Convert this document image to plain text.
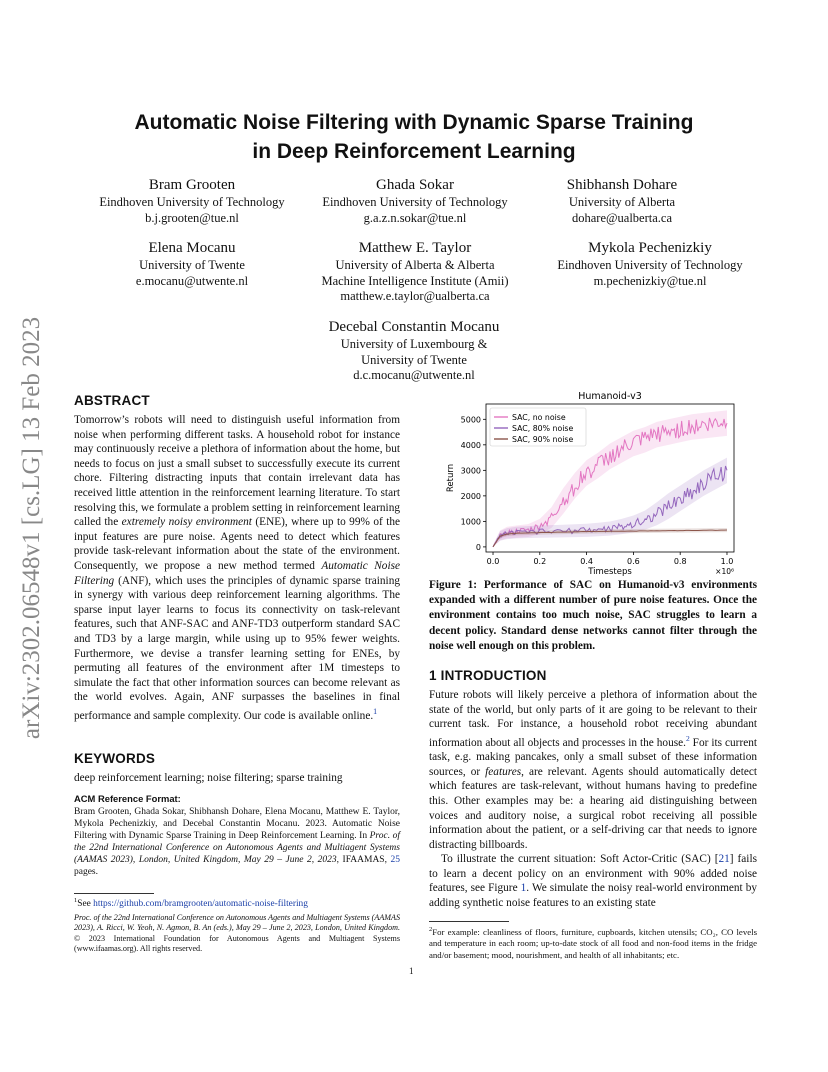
arXiv:2302.06548v1 [cs.LG] 13 Feb 2023
Automatic Noise Filtering with Dynamic Sparse Training
in Deep Reinforcement Learning
Bram Grooten
Eindhoven University of Technology
b.j.grooten@tue.nl
Ghada Sokar
Eindhoven University of Technology
g.a.z.n.sokar@tue.nl
Shibhansh Dohare
University of Alberta
dohare@ualberta.ca
Elena Mocanu
University of Twente
e.mocanu@utwente.nl
Matthew E. Taylor
University of Alberta & Alberta
Machine Intelligence Institute (Amii)
matthew.e.taylor@ualberta.ca
Mykola Pechenizkiy
Eindhoven University of Technology
m.pechenizkiy@tue.nl
Decebal Constantin Mocanu
University of Luxembourg &
University of Twente
d.c.mocanu@utwente.nl
ABSTRACT
Tomorrow’s robots will need to distinguish useful information from noise when performing different tasks. A household robot for instance may continuously receive a plethora of information about the home, but needs to focus on just a small subset to successfully execute its current chore. Filtering distracting inputs that contain irrelevant data has received little attention in the reinforcement learning literature. To start resolving this, we formulate a problem setting in reinforcement learning called the extremely noisy environment (ENE), where up to 99% of the input features are pure noise. Agents need to detect which features provide task-relevant information about the state of the environment. Consequently, we propose a new method termed Automatic Noise Filtering (ANF), which uses the principles of dynamic sparse training in synergy with various deep reinforcement learning algorithms. The sparse input layer learns to focus its connectivity on task-relevant features, such that ANF-SAC and ANF-TD3 outperform standard SAC and TD3 by a large margin, while using up to 95% fewer weights. Furthermore, we devise a transfer learning setting for ENEs, by permuting all features of the environment after 1M timesteps to simulate the fact that other information sources can become relevant as the world evolves. Again, ANF surpasses the baselines in final performance and sample complexity. Our code is available online.$^1$
KEYWORDS
deep reinforcement learning; noise filtering; sparse training
ACM Reference Format:
Bram Grooten, Ghada Sokar, Shibhansh Dohare, Elena Mocanu, Matthew E. Taylor, Mykola Pechenizkiy, and Decebal Constantin Mocanu. 2023. Automatic Noise Filtering with Dynamic Sparse Training in Deep Reinforcement Learning. In Proc. of the 22nd International Conference on Autonomous Agents and Multiagent Systems (AAMAS 2023), London, United Kingdom, May 29 – June 2, 2023, IFAAMAS, 25 pages.
$^1$See https://github.com/bramgrooten/automatic-noise-filtering
Proc. of the 22nd International Conference on Autonomous Agents and Multiagent Systems (AAMAS 2023), A. Ricci, W. Yeoh, N. Agmon, B. An (eds.), May 29 – June 2, 2023, London, United Kingdom. © 2023 International Foundation for Autonomous Agents and Multiagent Systems (www.ifaamas.org). All rights reserved.
Humanoid-v3
0.0	0.2	0.4	0.6	0.8	1.0
0
1000
2000
3000
4000
5000
Timesteps	×10⁶
Return
SAC, no noise
SAC, 80% noise
SAC, 90% noise
Figure 1: Performance of SAC on Humanoid-v3 environments expanded with a different number of pure noise features. Once the environment contains too much noise, SAC struggles to learn a decent policy. Standard dense networks cannot filter through the noise well enough on this problem.
1 INTRODUCTION

Future robots will likely perceive a plethora of information about the state of the world, but only parts of it are going to be relevant to their current task. For instance, a household robot receiving abundant information about all objects and processes in the house.$^2$ For its current task, e.g. making pancakes, only a small subset of these information sources, or features, are relevant. Agents should automatically detect which features are task-relevant, without humans having to predefine this. Other examples may be: a hearing aid distinguishing between voices and auditory noise, a surgical robot receiving all possible information about the patient, or a self-driving car that needs to ignore distracting billboards.

To illustrate the current situation: Soft Actor-Critic (SAC) [21] fails to learn a decent policy on an environment with 90% added noise features, see Figure 1. We simulate the noisy real-world environment by adding synthetic noise features to an existing state

$^2$For example: cleanliness of floors, furniture, cupboards, kitchen utensils; CO₂, CO levels and temperature in each room; up-to-date stock of all food and non-food items in the fridge and/or basement; mood, nourishment, and health of all inhabitants; etc.
1
